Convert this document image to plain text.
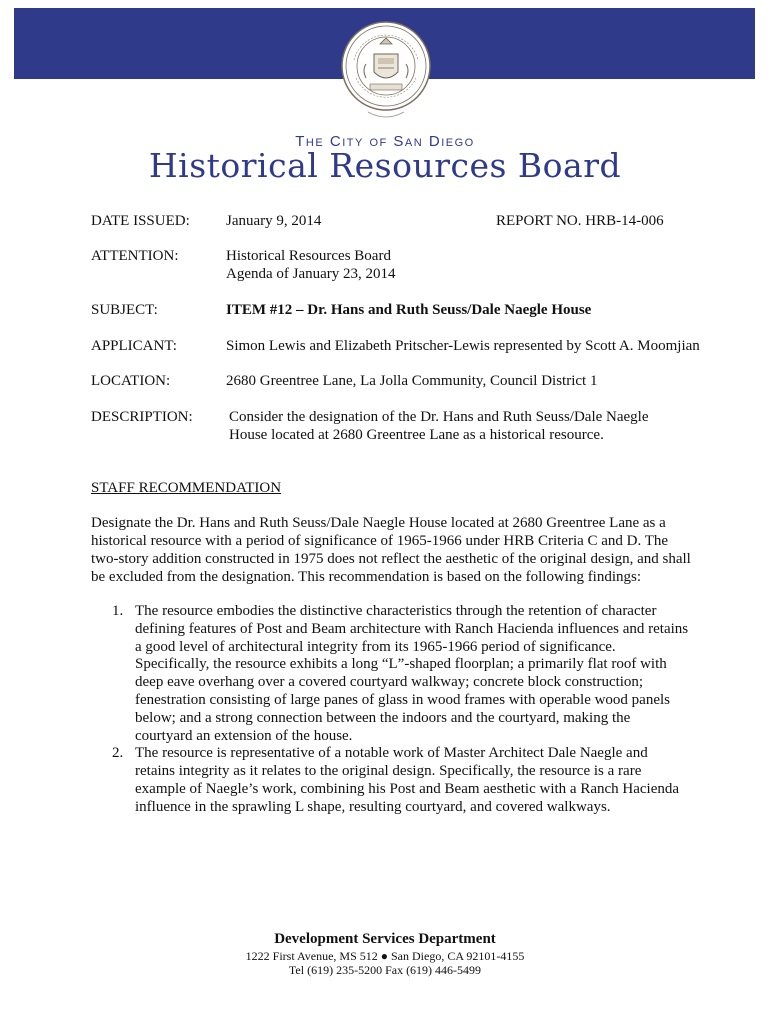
The City of San Diego
Historical Resources Board
DATE ISSUED: January 9, 2014	REPORT NO. HRB-14-006
ATTENTION:	Historical Resources Board
Agenda of January 23, 2014
SUBJECT:	ITEM #12 – Dr. Hans and Ruth Seuss/Dale Naegle House
APPLICANT:	Simon Lewis and Elizabeth Pritscher-Lewis represented by Scott A. Moomjian
LOCATION:	2680 Greentree Lane, La Jolla Community, Council District 1
DESCRIPTION: Consider the designation of the Dr. Hans and Ruth Seuss/Dale Naegle
House located at 2680 Greentree Lane as a historical resource.
STAFF RECOMMENDATION
Designate the Dr. Hans and Ruth Seuss/Dale Naegle House located at 2680 Greentree Lane as a historical resource with a period of significance of 1965-1966 under HRB Criteria C and D. The two-story addition constructed in 1975 does not reflect the aesthetic of the original design, and shall be excluded from the designation. This recommendation is based on the following findings:
1. The resource embodies the distinctive characteristics through the retention of character defining features of Post and Beam architecture with Ranch Hacienda influences and retains a good level of architectural integrity from its 1965-1966 period of significance. Specifically, the resource exhibits a long “L”-shaped floorplan; a primarily flat roof with deep eave overhang over a covered courtyard walkway; concrete block construction; fenestration consisting of large panes of glass in wood frames with operable wood panels below; and a strong connection between the indoors and the courtyard, making the courtyard an extension of the house.
2. The resource is representative of a notable work of Master Architect Dale Naegle and retains integrity as it relates to the original design. Specifically, the resource is a rare example of Naegle’s work, combining his Post and Beam aesthetic with a Ranch Hacienda influence in the sprawling L shape, resulting courtyard, and covered walkways.
Development Services Department
1222 First Avenue, MS 512 ● San Diego, CA 92101-4155
Tel (619) 235-5200 Fax (619) 446-5499
